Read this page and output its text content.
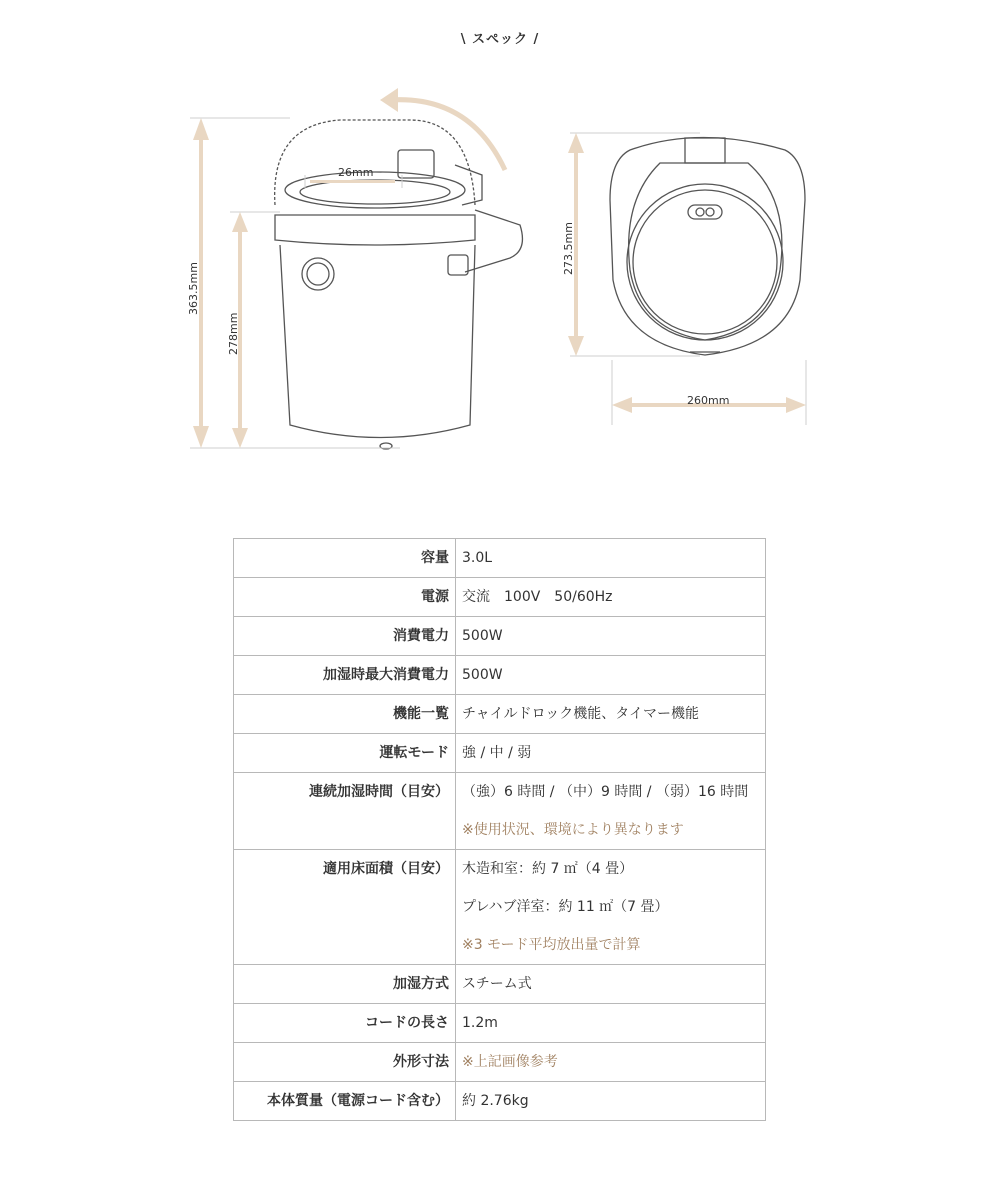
\ スペック /
363.5mm
278mm
26mm
273.5mm
260mm
容量	3.0L

電源	交流　100V　50/60Hz

消費電力	500W

加湿時最大消費電力	500W

機能一覧	チャイルドロック機能、タイマー機能

運転モード	強 / 中 / 弱

連続加湿時間（目安）	（強）6 時間 / （中）9 時間 / （弱）16 時間
※使用状況、環境により異なります

適用床面積（目安）	木造和室：約 7 ㎡（4 畳）
プレハブ洋室：約 11 ㎡（7 畳）
※3 モード平均放出量で計算

加湿方式	スチーム式

コードの長さ	1.2m

外形寸法	※上記画像参考

本体質量（電源コード含む）	約 2.76kg
